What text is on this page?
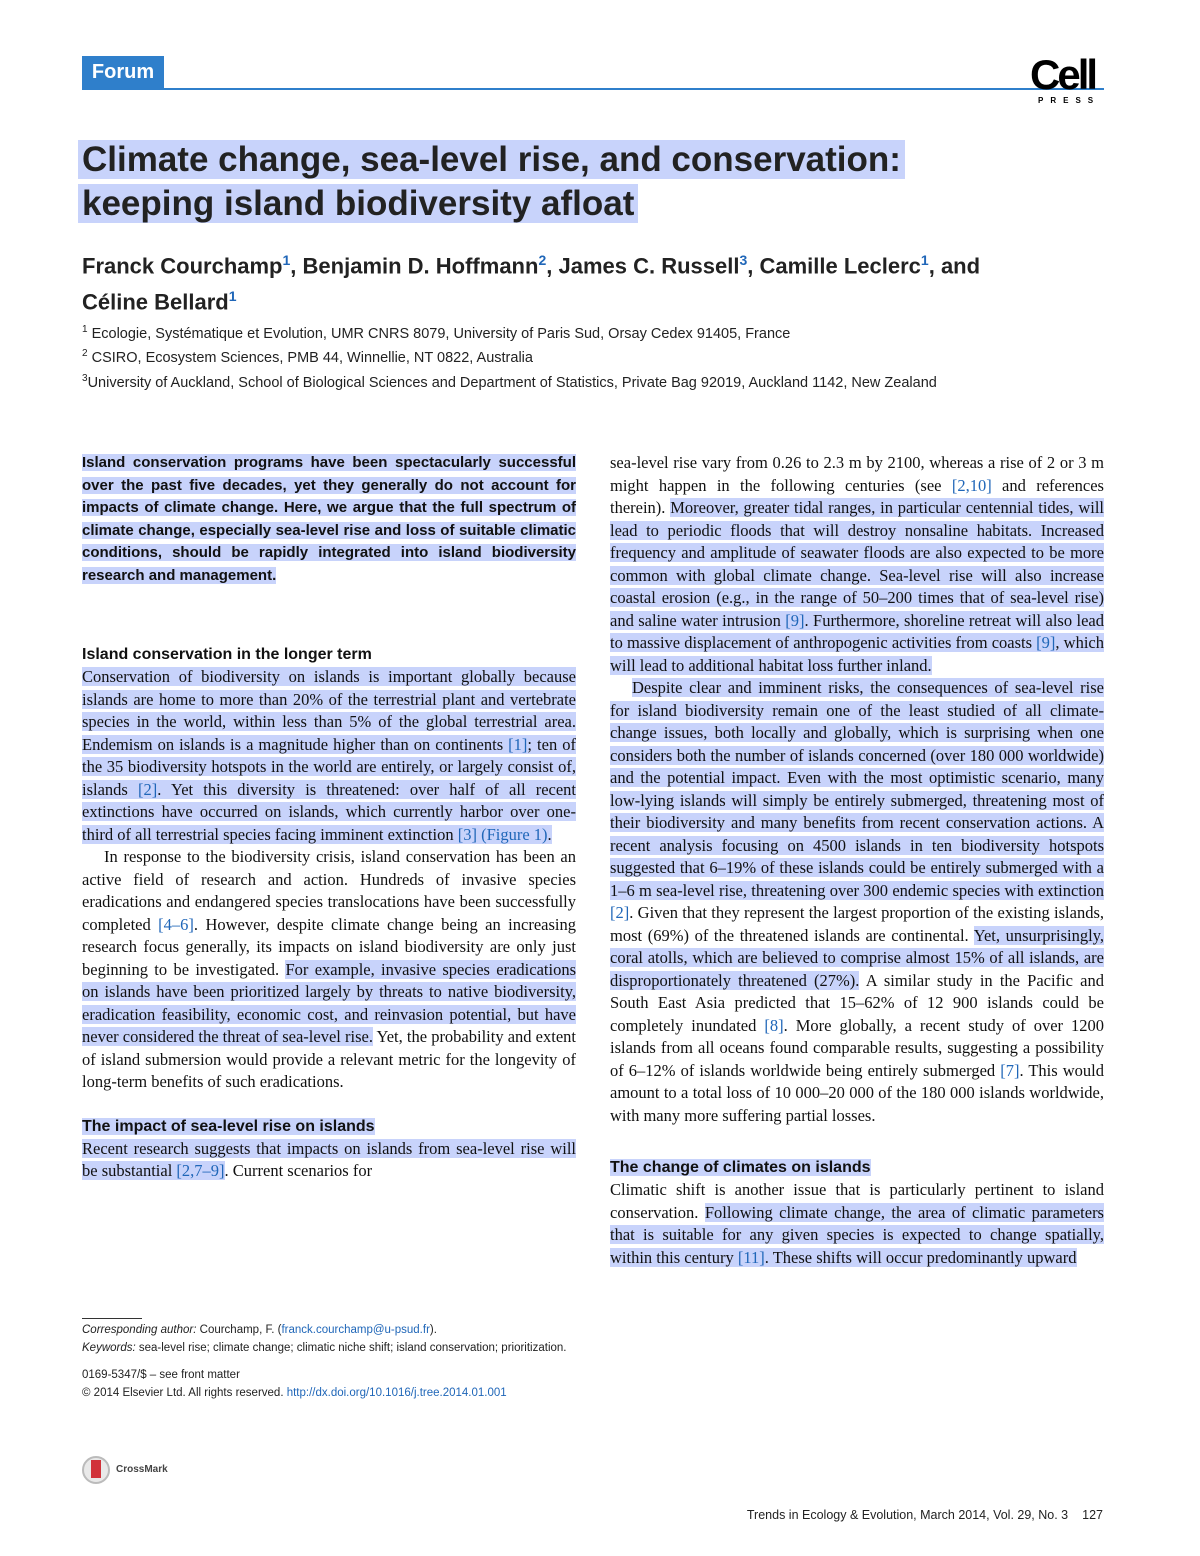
Forum	Cell
PRESS
Climate change, sea-level rise, and conservation:
keeping island biodiversity afloat
Franck Courchamp$^1$, Benjamin D. Hoffmann$^2$, James C. Russell$^3$, Camille Leclerc$^1$, and
Céline Bellard$^1$

$^1$ Ecologie, Systématique et Evolution, UMR CNRS 8079, University of Paris Sud, Orsay Cedex 91405, France

$^2$ CSIRO, Ecosystem Sciences, PMB 44, Winnellie, NT 0822, Australia

$^3$University of Auckland, School of Biological Sciences and Department of Statistics, Private Bag 92019, Auckland 1142, New Zealand

Island conservation programs have been spectacularly successful over the past five decades, yet they generally do not account for impacts of climate change. Here, we argue that the full spectrum of climate change, especially sea-level rise and loss of suitable climatic conditions, should be rapidly integrated into island biodiversity research and management.

Island conservation in the longer term

Conservation of biodiversity on islands is important globally because islands are home to more than 20% of the terrestrial plant and vertebrate species in the world, within less than 5% of the global terrestrial area. Endemism on islands is a magnitude higher than on continents [1]; ten of the 35 biodiversity hotspots in the world are entirely, or largely consist of, islands [2]. Yet this diversity is threatened: over half of all recent extinctions have occurred on islands, which currently harbor over one-third of all terrestrial species facing imminent extinction [3] (Figure 1).

In response to the biodiversity crisis, island conservation has been an active field of research and action. Hundreds of invasive species eradications and endangered species translocations have been successfully completed [4–6]. However, despite climate change being an increasing research focus generally, its impacts on island biodiversity are only just beginning to be investigated. For example, invasive species eradications on islands have been prioritized largely by threats to native biodiversity, eradication feasibility, economic cost, and reinvasion potential, but have never considered the threat of sea-level rise. Yet, the probability and extent of island submersion would provide a relevant metric for the longevity of long-term benefits of such eradications.

The impact of sea-level rise on islands

Recent research suggests that impacts on islands from sea-level rise will be substantial [2,7–9]. Current scenarios for

Corresponding author: Courchamp, F. (franck.courchamp@u-psud.fr).

Keywords: sea-level rise; climate change; climatic niche shift; island conservation; prioritization.

0169-5347/$ – see front matter

© 2014 Elsevier Ltd. All rights reserved. http://dx.doi.org/10.1016/j.tree.2014.01.001

CrossMark

sea-level rise vary from 0.26 to 2.3 m by 2100, whereas a rise of 2 or 3 m might happen in the following centuries (see [2,10] and references therein). Moreover, greater tidal ranges, in particular centennial tides, will lead to periodic floods that will destroy nonsaline habitats. Increased frequency and amplitude of seawater floods are also expected to be more common with global climate change. Sea-level rise will also increase coastal erosion (e.g., in the range of 50–200 times that of sea-level rise) and saline water intrusion [9]. Furthermore, shoreline retreat will also lead to massive displacement of anthropogenic activities from coasts [9], which will lead to additional habitat loss further inland.

Despite clear and imminent risks, the consequences of sea-level rise for island biodiversity remain one of the least studied of all climate-change issues, both locally and globally, which is surprising when one considers both the number of islands concerned (over 180 000 worldwide) and the potential impact. Even with the most optimistic scenario, many low-lying islands will simply be entirely submerged, threatening most of their biodiversity and many benefits from recent conservation actions. A recent analysis focusing on 4500 islands in ten biodiversity hotspots suggested that 6–19% of these islands could be entirely submerged with a 1–6 m sea-level rise, threatening over 300 endemic species with extinction [2]. Given that they represent the largest proportion of the existing islands, most (69%) of the threatened islands are continental. Yet, unsurprisingly, coral atolls, which are believed to comprise almost 15% of all islands, are disproportionately threatened (27%). A similar study in the Pacific and South East Asia predicted that 15–62% of 12 900 islands could be completely inundated [8]. More globally, a recent study of over 1200 islands from all oceans found comparable results, suggesting a possibility of 6–12% of islands worldwide being entirely submerged [7]. This would amount to a total loss of 10 000–20 000 of the 180 000 islands worldwide, with many more suffering partial losses.

The change of climates on islands

Climatic shift is another issue that is particularly pertinent to island conservation. Following climate change, the area of climatic parameters that is suitable for any given species is expected to change spatially, within this century [11]. These shifts will occur predominantly upward

Trends in Ecology & Evolution, March 2014, Vol. 29, No. 3 127
